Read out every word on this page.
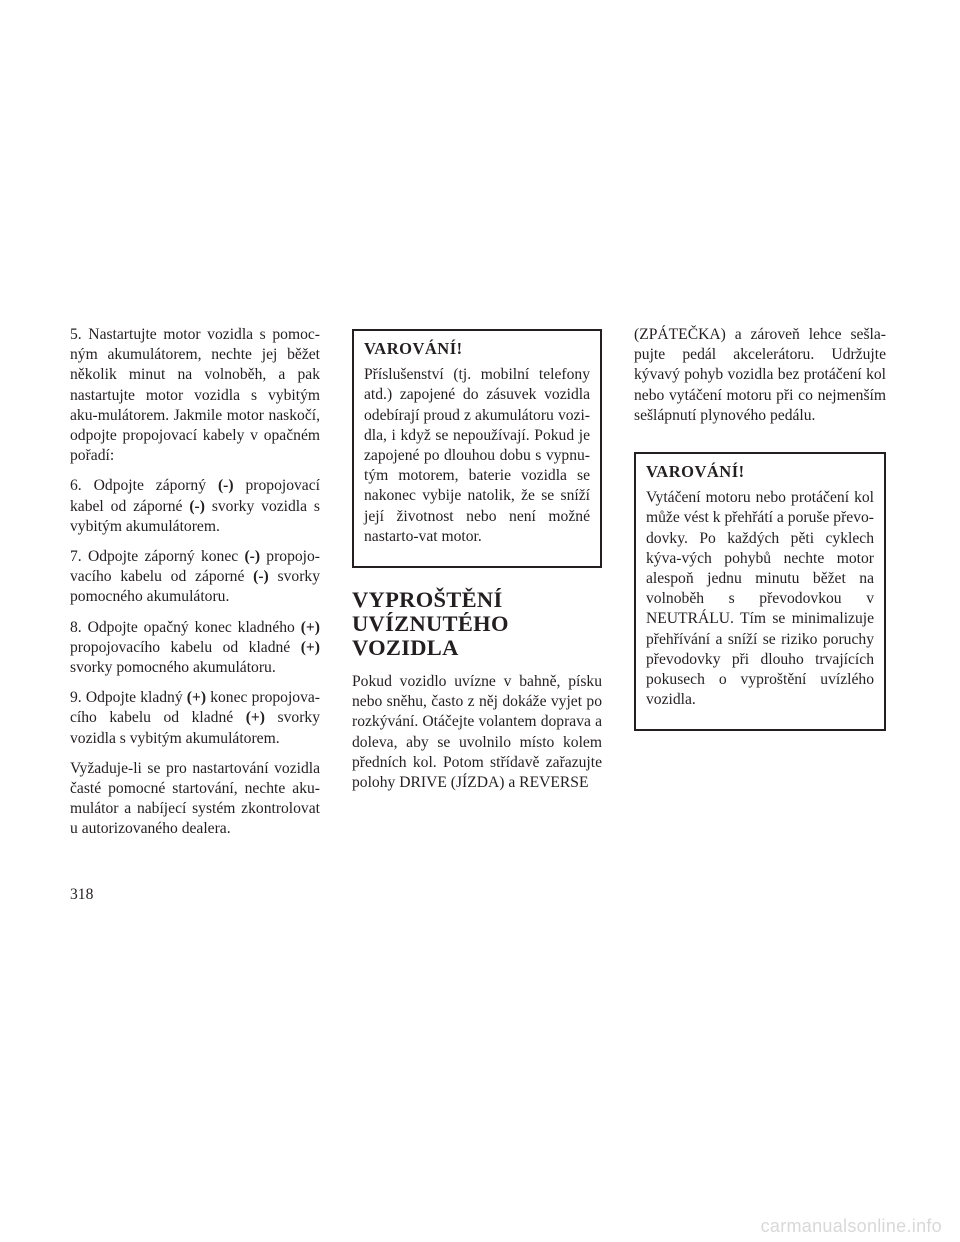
5. Nastartujte motor vozidla s pomoc-ným akumulátorem, nechte jej běžet několik minut na volnoběh, a pak nastartujte motor vozidla s vybitým aku-mulátorem. Jakmile motor naskočí, odpojte propojovací kabely v opačném pořadí:

6. Odpojte záporný (-) propojovací kabel od záporné (-) svorky vozidla s vybitým akumulátorem.

7. Odpojte záporný konec (-) propojo-vacího kabelu od záporné (-) svorky pomocného akumulátoru.

8. Odpojte opačný konec kladného (+) propojovacího kabelu od kladné (+) svorky pomocného akumulátoru.

9. Odpojte kladný (+) konec propojova-cího kabelu od kladné (+) svorky vozidla s vybitým akumulátorem.

Vyžaduje-li se pro nastartování vozidla časté pomocné startování, nechte aku-mulátor a nabíjecí systém zkontrolovat u autorizovaného dealera.

VAROVÁNÍ!

Příslušenství (tj. mobilní telefony atd.) zapojené do zásuvek vozidla odebírají proud z akumulátoru vozi-dla, i když se nepoužívají. Pokud je zapojené po dlouhou dobu s vypnu-tým motorem, baterie vozidla se nakonec vybije natolik, že se sníží její životnost nebo není možné nastarto-vat motor.

VYPROŠTĚNÍ
UVÍZNUTÉHO
VOZIDLA

Pokud vozidlo uvízne v bahně, písku nebo sněhu, často z něj dokáže vyjet po rozkývání. Otáčejte volantem doprava a doleva, aby se uvolnilo místo kolem předních kol. Potom střídavě zařazujte polohy DRIVE (JÍZDA) a REVERSE

(ZPÁTEČKA) a zároveň lehce sešla-pujte pedál akcelerátoru. Udržujte kývavý pohyb vozidla bez protáčení kol nebo vytáčení motoru při co nejmenším sešlápnutí plynového pedálu.

VAROVÁNÍ!

Vytáčení motoru nebo protáčení kol může vést k přehřátí a poruše převo-dovky. Po každých pěti cyklech kýva-vých pohybů nechte motor alespoň jednu minutu běžet na volnoběh s převodovkou v NEUTRÁLU. Tím se minimalizuje přehřívání a sníží se riziko poruchy převodovky při dlouho trvajících pokusech o vyproštění uvízlého vozidla.

318
carmanualsonline.info
